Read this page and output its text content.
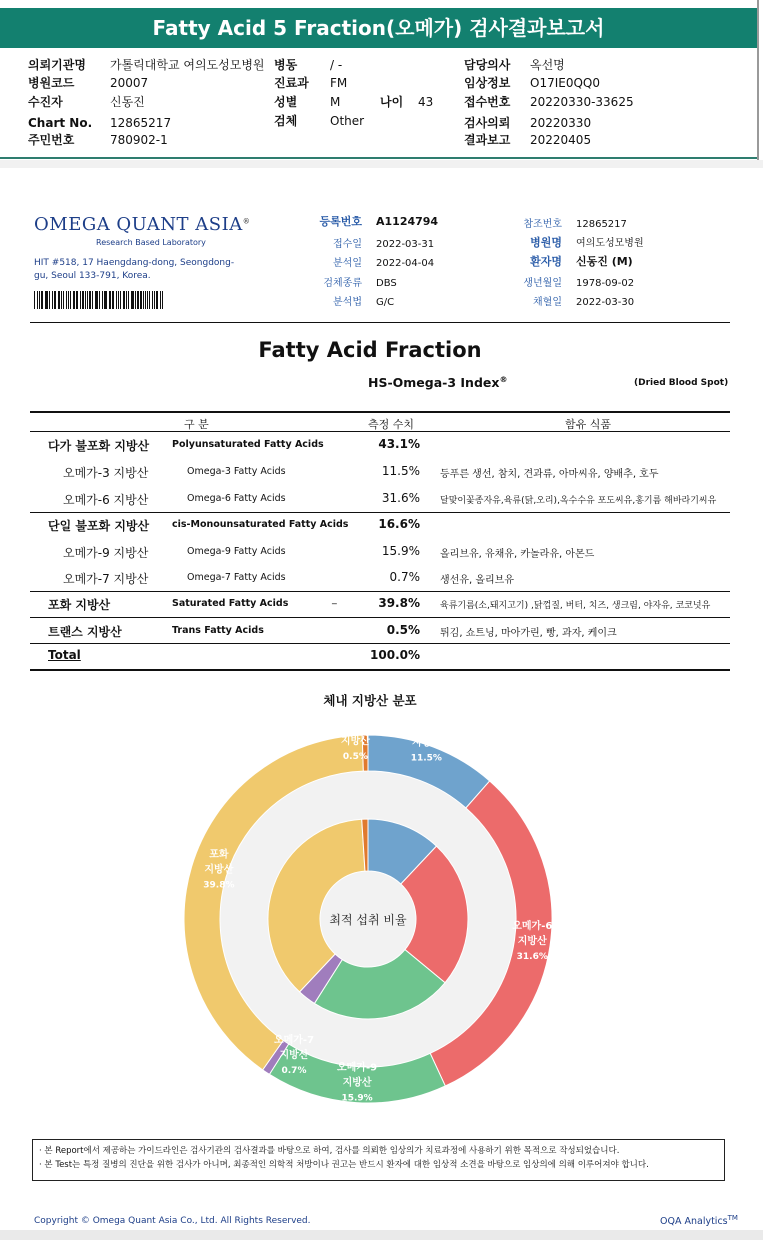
Fatty Acid 5 Fraction(오메가) 검사결과보고서
의뢰기관명 가톨릭대학교 여의도성모병원
병원코드	20007
수진자	신동진
Chart No. 12865217
주민번호	780902-1
병동	/ -
진료과 FM
성별	M	나이 43
검체	Other
담당의사 옥선명
임상정보 O17IE0QQ0
접수번호 20220330-33625
검사의뢰 20220330
결과보고 20220405
OMEGA QUANT ASIA®
Research Based Laboratory
HIT #518, 17 Haengdang-dong, Seongdong-gu, Seoul 133-791, Korea.
등록번호 A1124794
접수일 2022-03-31
분석일 2022-04-04
검체종류 DBS
분석법 G/C
참조번호 12865217
병원명 여의도성모병원
환자명 신동진 (M)
생년월일 1978-09-02
채혈일 2022-03-30
Fatty Acid Fraction
HS-Omega-3 Index®	(Dried Blood Spot)
구 분	측정 수치	함유 식품
다가 불포화 지방산 Polyunsaturated Fatty Acids	43.1%
오메가-3 지방산	Omega-3 Fatty Acids	11.5% 등푸른 생선, 참치, 견과류, 아마씨유, 양배추, 호두
오메가-6 지방산	Omega-6 Fatty Acids	31.6% 달맞이꽃종자유,육류(닭,오리),옥수수유 포도씨유,홍기름 해바라기씨유
단일 불포화 지방산 cis-Monounsaturated Fatty Acids	16.6%
오메가-9 지방산	Omega-9 Fatty Acids	15.9% 올리브유, 유채유, 카놀라유, 아몬드
오메가-7 지방산	Omega-7 Fatty Acids	0.7% 생선유, 올리브유
포화 지방산	Saturated Fatty Acids	_	39.8% 육류기름(소,돼지고기) ,닭껍질, 버터, 치즈, 생크림, 야자유, 코코넛유
트랜스 지방산	Trans Fatty Acids	0.5% 튀김, 쇼트닝, 마아가린, 빵, 과자, 케이크
Total	100.0%
체내 지방산 분포
최적 섭취 비율
오메가-3
지방산
11.5%
오메가-6
지방산
31.6%
오메가-9
지방산
15.9%
오메가-7
지방산
0.7%
포화
지방산
39.8%
트랜스
지방산
0.5%
· 본 Report에서 제공하는 가이드라인은 검사기관의 검사결과를 바탕으로 하여, 검사를 의뢰한 임상의가 치료과정에 사용하기 위한 목적으로 작성되었습니다.
· 본 Test는 특정 질병의 진단을 위한 검사가 아니며, 최종적인 의학적 처방이나 권고는 반드시 환자에 대한 임상적 소견을 바탕으로 임상의에 의해 이루어져야 합니다.
Copyright © Omega Quant Asia Co., Ltd. All Rights Reserved.	OQA Analytics™
